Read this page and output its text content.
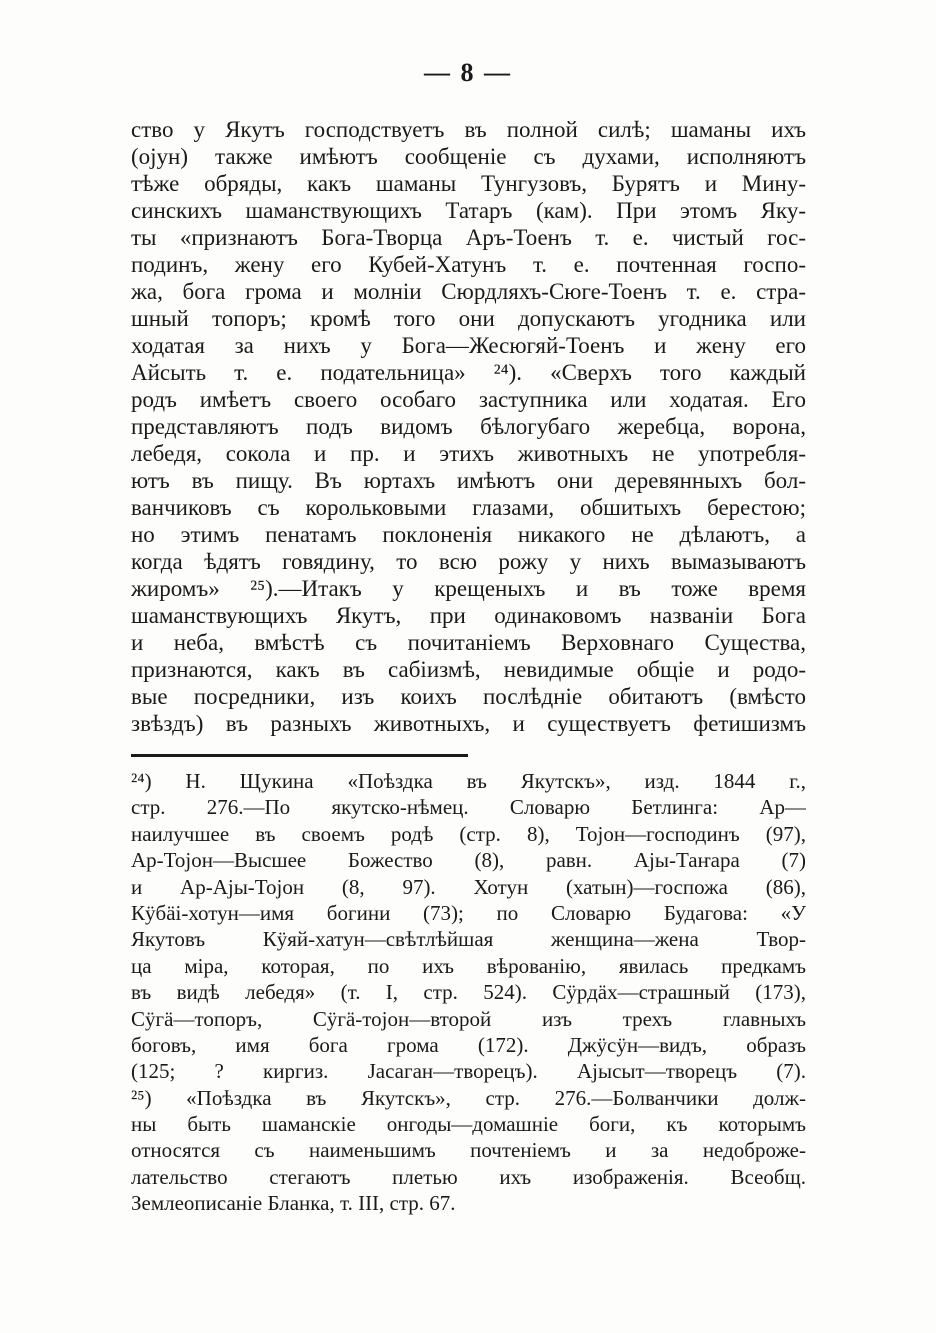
— 8 —
ство у Якутъ господствуетъ въ полной силѣ; шаманы ихъ
(оjун) также имѣютъ сообщеніе съ духами, исполняютъ
тѣже обряды, какъ шаманы Тунгузовъ, Бурятъ и Мину-
синскихъ шаманствующихъ Татаръ (кам). При этомъ Яку-
ты «признаютъ Бога-Творца Аръ-Тоенъ т. е. чистый гос-
подинъ, жену его Кубей-Хатунъ т. е. почтенная госпо-
жа, бога грома и молніи Сюрдляхъ-Сюге-Тоенъ т. е. стра-
шный топоръ; кромѣ того они допускаютъ угодника или
ходатая за нихъ у Бога—Жесюгяй-Тоенъ и жену его
Айсыть т. е. подательница» ²⁴). «Сверхъ того каждый
родъ имѣетъ своего особаго заступника или ходатая. Его
представляютъ подъ видомъ бѣлогубаго жеребца, ворона,
лебедя, сокола и пр. и этихъ животныхъ не употребля-
ютъ въ пищу. Въ юртахъ имѣютъ они деревянныхъ бол-
ванчиковъ съ корольковыми глазами, обшитыхъ берестою;
но этимъ пенатамъ поклоненія никакого не дѣлаютъ, а
когда ѣдятъ говядину, то всю рожу у нихъ вымазываютъ
жиромъ» ²⁵).—Итакъ у крещеныхъ и въ тоже время
шаманствующихъ Якутъ, при одинаковомъ названіи Бога
и неба, вмѣстѣ съ почитаніемъ Верховнаго Существа,
признаются, какъ въ сабіизмѣ, невидимые общіе и родо-
вые посредники, изъ коихъ послѣдніе обитаютъ (вмѣсто
звѣздъ) въ разныхъ животныхъ, и существуетъ фетишизмъ
²⁴) Н. Щукина «Поѣздка въ Якутскъ», изд. 1844 г.,
стр. 276.—По якутско-нѣмец. Словарю Бетлинга: Ар—
наилучшее въ своемъ родѣ (стр. 8), Тојон—господинъ (97),
Ар-Тојон—Высшее Божество (8), равн. Аjы-Таҥара (7)
и Ар-Аjы-Тојон (8, 97). Хотун (хатын)—госпожа (86),
Кӱбäі-хотун—имя богини (73); по Словарю Будагова: «У
Якутовъ Кӱяй-хатун—свѣтлѣйшая женщина—жена Твор-
ца міра, которая, по ихъ вѣрованію, явилась предкамъ
въ видѣ лебедя» (т. I, стр. 524). Сӱрдäх—страшный (173),
Сӱгä—топоръ, Сӱгä-тојон—второй изъ трехъ главныхъ
боговъ, имя бога грома (172). Джӱсӱн—видъ, образъ
(125; ? киргиз. Јасаган—творецъ). Аjысыт—творецъ (7).
²⁵) «Поѣздка въ Якутскъ», стр. 276.—Болванчики долж-
ны быть шаманскіе онгоды—домашніе боги, къ которымъ
относятся съ наименьшимъ почтеніемъ и за недоброже-
лательство стегаютъ плетью ихъ изображенія. Всеобщ.
Землеописаніе Бланка, т. III, стр. 67.
